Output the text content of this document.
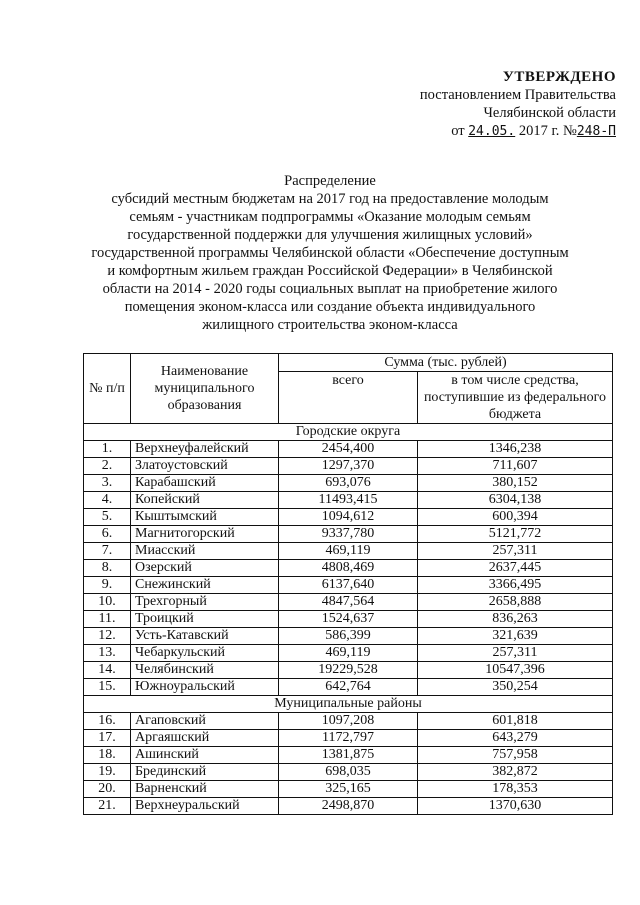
УТВЕРЖДЕНО
постановлением Правительства
Челябинской области
от 24.05. 2017 г. №248-П
Распределение
субсидий местным бюджетам на 2017 год на предоставление молодым
семьям - участникам подпрограммы «Оказание молодым семьям
государственной поддержки для улучшения жилищных условий»
государственной программы Челябинской области «Обеспечение доступным
и комфортным жильем граждан Российской Федерации» в Челябинской
области на 2014 - 2020 годы социальных выплат на приобретение жилого
помещения эконом-класса или создание объекта индивидуального
жилищного строительства эконом-класса
№ п/п	Наименование муниципального образования	Сумма (тыс. рублей)	
		всего	в том числе средства, поступившие из федерального бюджета
Городские округа			
1.	Верхнеуфалейский	2454,400	1346,238
2.	Златоустовский	1297,370	711,607
3.	Карабашский	693,076	380,152
4.	Копейский	11493,415	6304,138
5.	Кыштымский	1094,612	600,394
6.	Магнитогорский	9337,780	5121,772
7.	Миасский	469,119	257,311
8.	Озерский	4808,469	2637,445
9.	Снежинский	6137,640	3366,495
10.	Трехгорный	4847,564	2658,888
11.	Троицкий	1524,637	836,263
12.	Усть-Катавский	586,399	321,639
13.	Чебаркульский	469,119	257,311
14.	Челябинский	19229,528	10547,396
15.	Южноуральский	642,764	350,254
Муниципальные районы			
16.	Агаповский	1097,208	601,818
17.	Аргаяшский	1172,797	643,279
18.	Ашинский	1381,875	757,958
19.	Брединский	698,035	382,872
20.	Варненский	325,165	178,353
21.	Верхнеуральский	2498,870	1370,630
